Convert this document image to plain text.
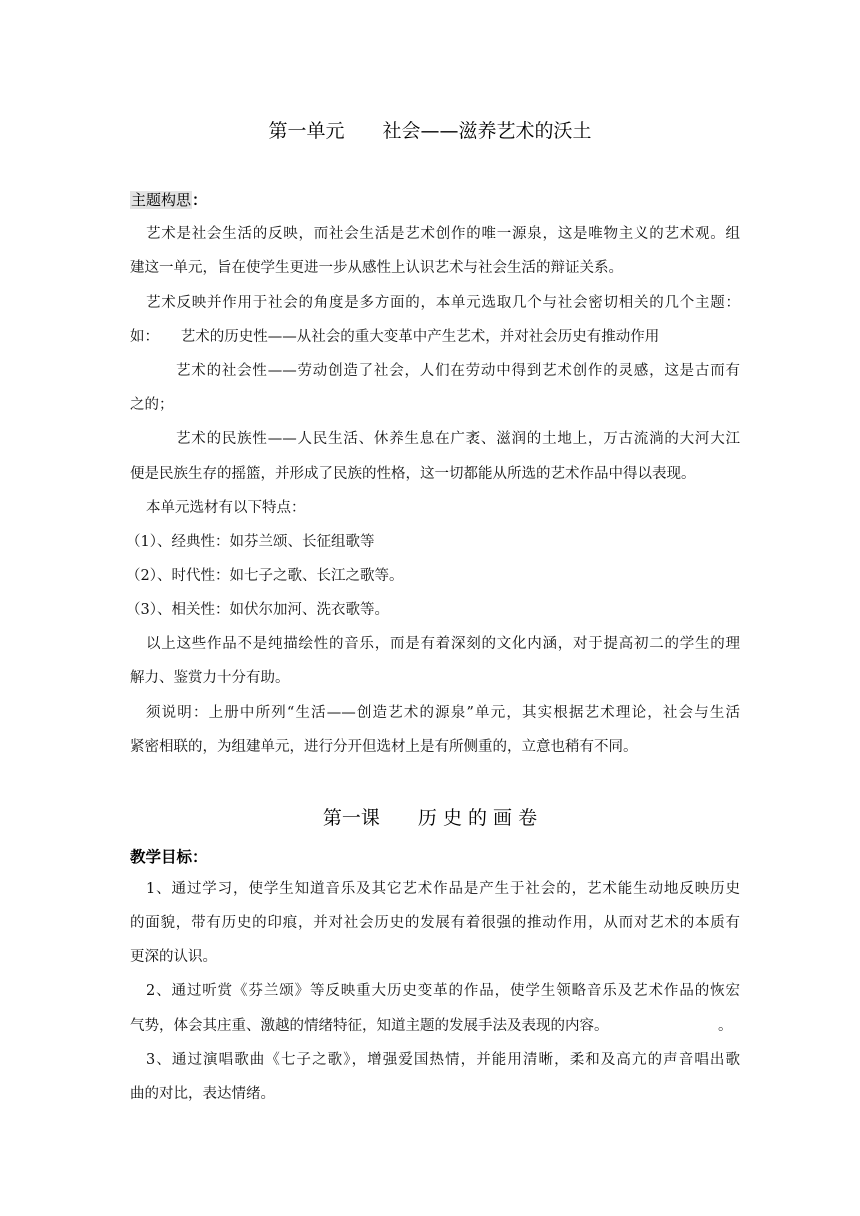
第一单元　　社会——滋养艺术的沃土
主题构思：
艺术是社会生活的反映，而社会生活是艺术创作的唯一源泉，这是唯物主义的艺术观。组
建这一单元，旨在使学生更进一步从感性上认识艺术与社会生活的辩证关系。
艺术反映并作用于社会的角度是多方面的，本单元选取几个与社会密切相关的几个主题：
如：　　艺术的历史性——从社会的重大变革中产生艺术，并对社会历史有推动作用
艺术的社会性——劳动创造了社会，人们在劳动中得到艺术创作的灵感，这是古而有
之的；
艺术的民族性——人民生活、休养生息在广袤、滋润的土地上，万古流淌的大河大江
便是民族生存的摇篮，并形成了民族的性格，这一切都能从所选的艺术作品中得以表现。
本单元选材有以下特点：
（1）、经典性：如芬兰颂、长征组歌等
（2）、时代性：如七子之歌、长江之歌等。
（3）、相关性：如伏尔加河、洗衣歌等。
以上这些作品不是纯描绘性的音乐，而是有着深刻的文化内涵，对于提高初二的学生的理
解力、鉴赏力十分有助。
须说明：上册中所列“生活——创造艺术的源泉”单元，其实根据艺术理论，社会与生活
紧密相联的，为组建单元，进行分开但选材上是有所侧重的，立意也稍有不同。
第一课　　历 史 的 画 卷
教学目标：
1、通过学习，使学生知道音乐及其它艺术作品是产生于社会的，艺术能生动地反映历史
的面貌，带有历史的印痕，并对社会历史的发展有着很强的推动作用，从而对艺术的本质有
更深的认识。
2、通过听赏《芬兰颂》等反映重大历史变革的作品，使学生领略音乐及艺术作品的恢宏
气势，体会其庄重、激越的情绪特征，知道主题的发展手法及表现的内容。	。
3、通过演唱歌曲《七子之歌》，增强爱国热情，并能用清晰，柔和及高亢的声音唱出歌
曲的对比，表达情绪。
